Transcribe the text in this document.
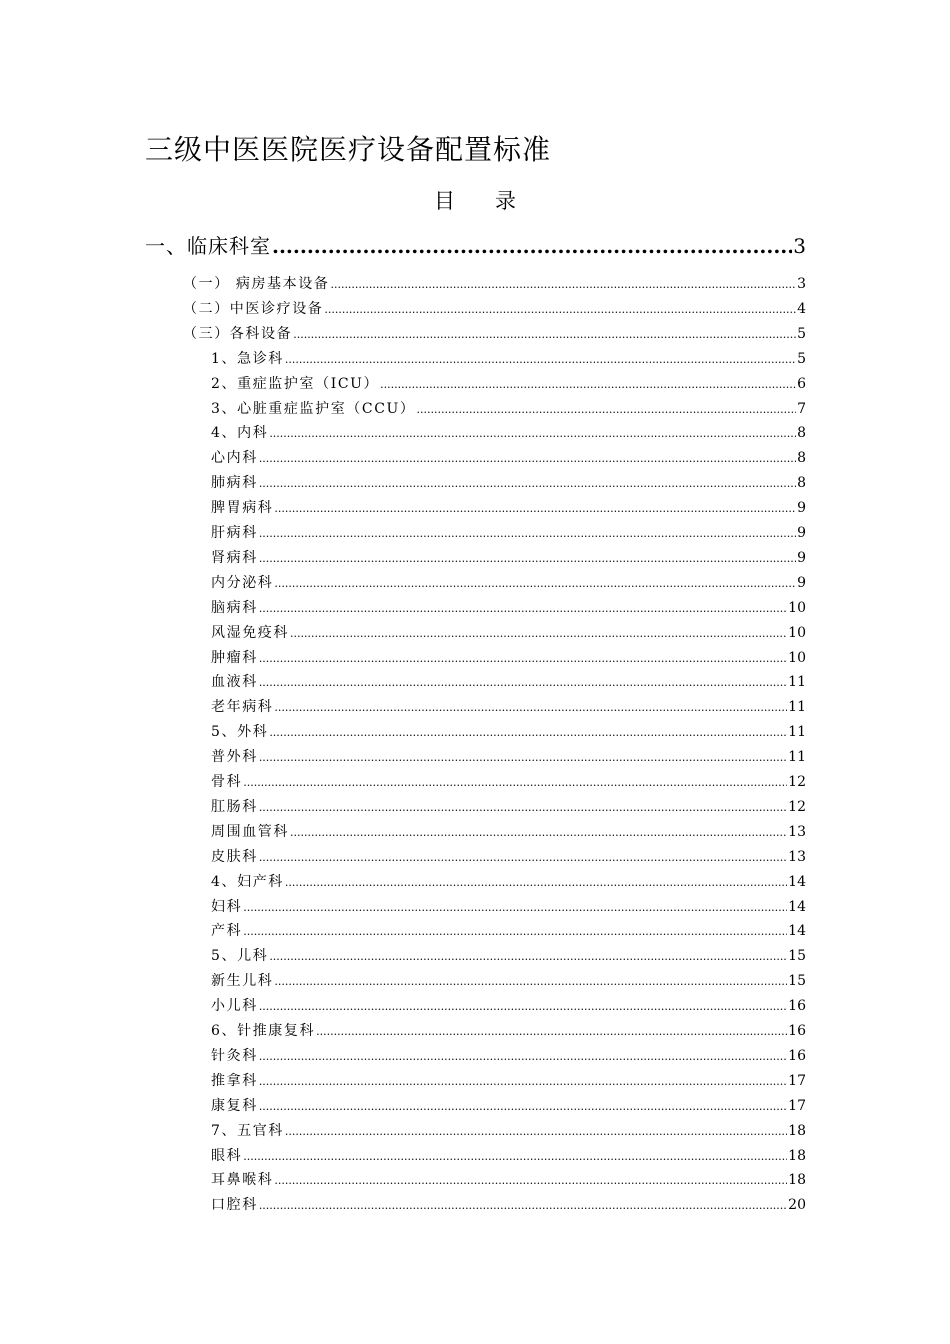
三级中医医院医疗设备配置标准
目录
一、临床科室 .....	3
（一） 病房基本设备 .....	3
（二）中医诊疗设备 .....	4
（三）各科设备 .....	5
1、急诊科 .....	5
2、重症监护室（ICU） .....	6
3、心脏重症监护室（CCU） .....	7
4、内科 .....	8
心内科 .....	8
肺病科 .....	8
脾胃病科 .....	9
肝病科 .....	9
肾病科 .....	9
内分泌科 .....	9
脑病科 .....	10
风湿免疫科 .....	10
肿瘤科 .....	10
血液科 .....	11
老年病科 .....	11
5、外科 .....	11
普外科 .....	11
骨科 .....	12
肛肠科 .....	12
周围血管科 .....	13
皮肤科 .....	13
4、妇产科 .....	14
妇科 .....	14
产科 .....	14
5、儿科 .....	15
新生儿科 .....	15
小儿科 .....	16
6、针推康复科 .....	16
针灸科 .....	16
推拿科 .....	17
康复科 .....	17
7、五官科 .....	18
眼科 .....	18
耳鼻喉科 .....	18
口腔科 .....	20
